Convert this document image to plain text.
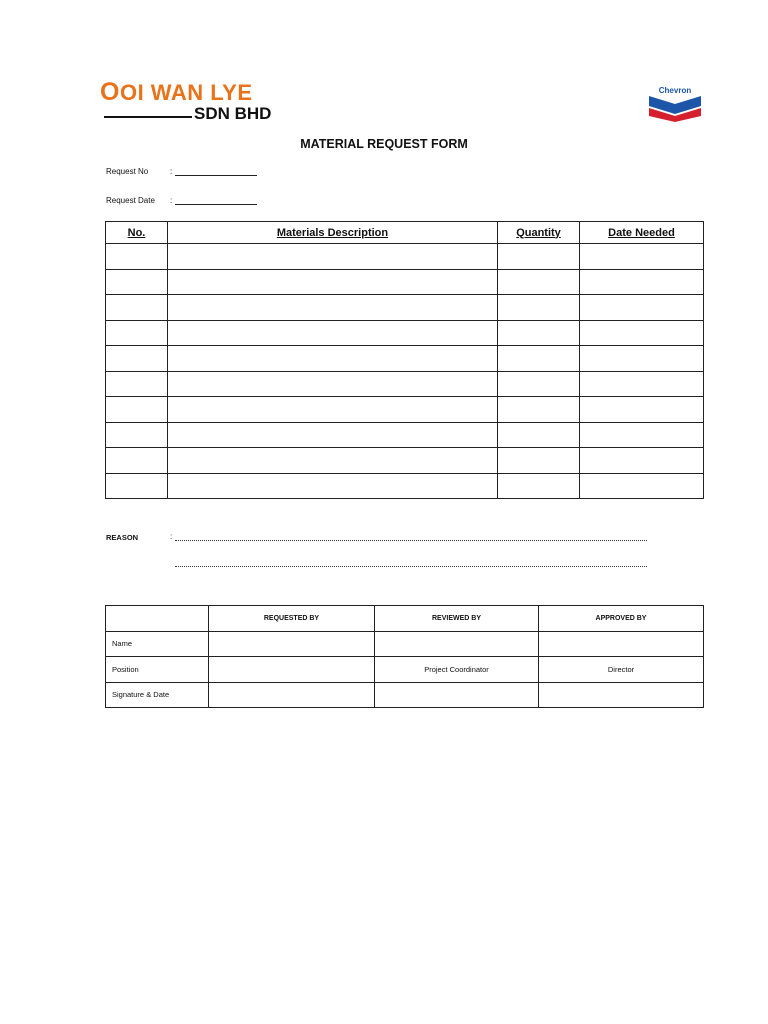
OOI WAN LYE
SDN BHD
Chevron
MATERIAL REQUEST FORM
Request No	:
Request Date :
No.	Materials Description	Quantity	Date Needed

REASON	:
	REQUESTED BY	REVIEWED BY	APPROVED BY
Name			
Position		Project Coordinator	Director
Signature & Date			
